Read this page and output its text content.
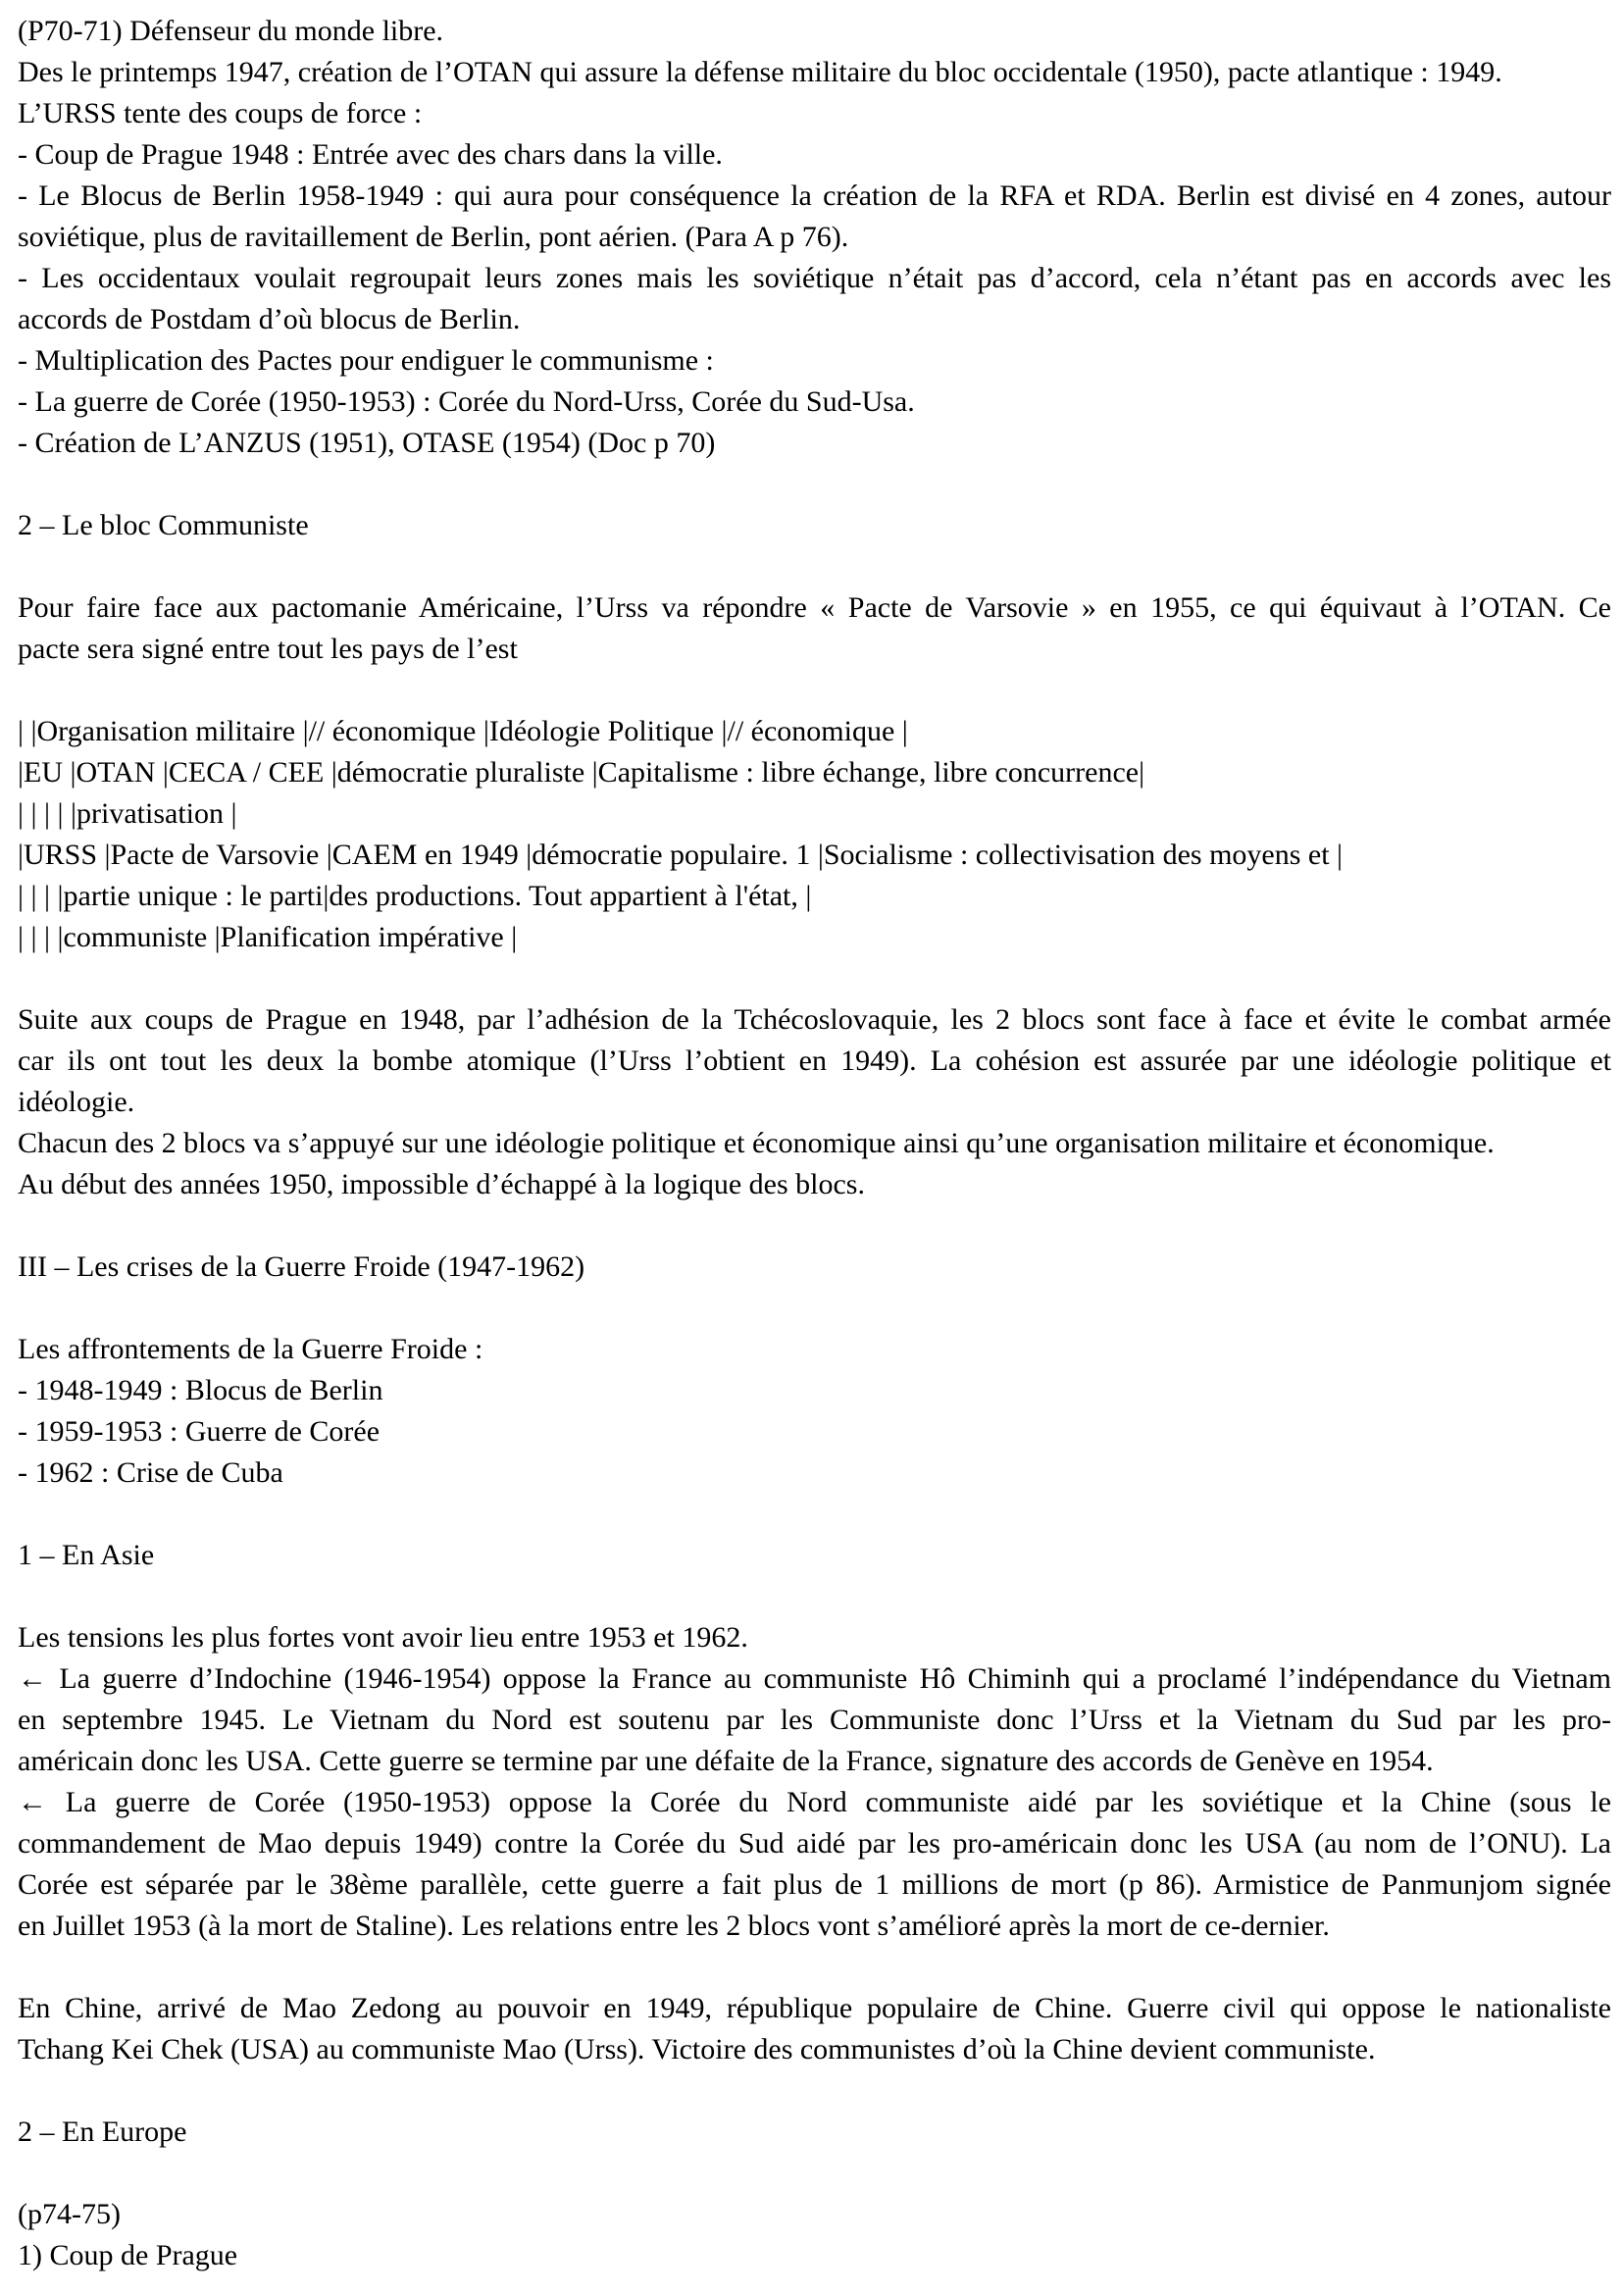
(P70-71) Défenseur du monde libre.

Des le printemps 1947, création de l’OTAN qui assure la défense militaire du bloc occidentale (1950), pacte atlantique : 1949.

L’URSS tente des coups de force :

- Coup de Prague 1948 : Entrée avec des chars dans la ville.

- Le Blocus de Berlin 1958-1949 : qui aura pour conséquence la création de la RFA et RDA. Berlin est divisé en 4 zones, autour

soviétique, plus de ravitaillement de Berlin, pont aérien. (Para A p 76).

- Les occidentaux voulait regroupait leurs zones mais les soviétique n’était pas d’accord, cela n’étant pas en accords avec les

accords de Postdam d’où blocus de Berlin.

- Multiplication des Pactes pour endiguer le communisme :

- La guerre de Corée (1950-1953) : Corée du Nord-Urss, Corée du Sud-Usa.

- Création de L’ANZUS (1951), OTASE (1954) (Doc p 70)

2 – Le bloc Communiste

Pour faire face aux pactomanie Américaine, l’Urss va répondre « Pacte de Varsovie » en 1955, ce qui équivaut à l’OTAN. Ce

pacte sera signé entre tout les pays de l’est

| |Organisation militaire |// économique |Idéologie Politique |// économique |

|EU |OTAN |CECA / CEE |démocratie pluraliste |Capitalisme : libre échange, libre concurrence|

| | | | |privatisation |

|URSS |Pacte de Varsovie |CAEM en 1949 |démocratie populaire. 1 |Socialisme : collectivisation des moyens et |

| | | |partie unique : le parti|des productions. Tout appartient à l'état, |

| | | |communiste |Planification impérative |

Suite aux coups de Prague en 1948, par l’adhésion de la Tchécoslovaquie, les 2 blocs sont face à face et évite le combat armée

car ils ont tout les deux la bombe atomique (l’Urss l’obtient en 1949). La cohésion est assurée par une idéologie politique et

idéologie.

Chacun des 2 blocs va s’appuyé sur une idéologie politique et économique ainsi qu’une organisation militaire et économique.

Au début des années 1950, impossible d’échappé à la logique des blocs.

III – Les crises de la Guerre Froide (1947-1962)

Les affrontements de la Guerre Froide :

- 1948-1949 : Blocus de Berlin

- 1959-1953 : Guerre de Corée

- 1962 : Crise de Cuba

1 – En Asie

Les tensions les plus fortes vont avoir lieu entre 1953 et 1962.

← La guerre d’Indochine (1946-1954) oppose la France au communiste Hô Chiminh qui a proclamé l’indépendance du Vietnam

en septembre 1945. Le Vietnam du Nord est soutenu par les Communiste donc l’Urss et la Vietnam du Sud par les pro-

américain donc les USA. Cette guerre se termine par une défaite de la France, signature des accords de Genève en 1954.

← La guerre de Corée (1950-1953) oppose la Corée du Nord communiste aidé par les soviétique et la Chine (sous le

commandement de Mao depuis 1949) contre la Corée du Sud aidé par les pro-américain donc les USA (au nom de l’ONU). La

Corée est séparée par le 38ème parallèle, cette guerre a fait plus de 1 millions de mort (p 86). Armistice de Panmunjom signée

en Juillet 1953 (à la mort de Staline). Les relations entre les 2 blocs vont s’amélioré après la mort de ce-dernier.

En Chine, arrivé de Mao Zedong au pouvoir en 1949, république populaire de Chine. Guerre civil qui oppose le nationaliste

Tchang Kei Chek (USA) au communiste Mao (Urss). Victoire des communistes d’où la Chine devient communiste.

2 – En Europe

(p74-75)

1) Coup de Prague
